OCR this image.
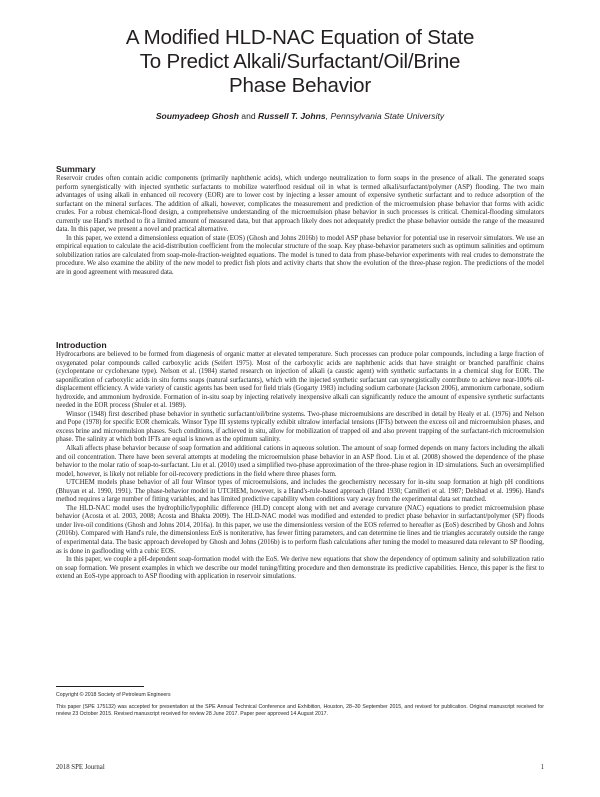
A Modified HLD-NAC Equation of State
To Predict Alkali/Surfactant/Oil/Brine
Phase Behavior
Soumyadeep Ghosh and Russell T. Johns, Pennsylvania State University
Summary

Reservoir crudes often contain acidic components (primarily naphthenic acids), which undergo neutralization to form soaps in the presence of alkali. The generated soaps perform synergistically with injected synthetic surfactants to mobilize waterflood residual oil in what is termed alkali/surfactant/polymer (ASP) flooding. The two main advantages of using alkali in enhanced oil recovery (EOR) are to lower cost by injecting a lesser amount of expensive synthetic surfactant and to reduce adsorption of the surfactant on the mineral surfaces. The addition of alkali, however, complicates the measurement and prediction of the microemulsion phase behavior that forms with acidic crudes. For a robust chemical-flood design, a comprehensive understanding of the microemulsion phase behavior in such processes is critical. Chemical-flooding simulators currently use Hand's method to fit a limited amount of measured data, but that approach likely does not adequately predict the phase behavior outside the range of the measured data. In this paper, we present a novel and practical alternative.

In this paper, we extend a dimensionless equation of state (EOS) (Ghosh and Johns 2016b) to model ASP phase behavior for potential use in reservoir simulators. We use an empirical equation to calculate the acid-distribution coefficient from the molecular structure of the soap. Key phase-behavior parameters such as optimum salinities and optimum solubilization ratios are calculated from soap-mole-fraction-weighted equations. The model is tuned to data from phase-behavior experiments with real crudes to demonstrate the procedure. We also examine the ability of the new model to predict fish plots and activity charts that show the evolution of the three-phase region. The predictions of the model are in good agreement with measured data.

Introduction

Hydrocarbons are believed to be formed from diagenesis of organic matter at elevated temperature. Such processes can produce polar compounds, including a large fraction of oxygenated polar compounds called carboxylic acids (Seifert 1975). Most of the carboxylic acids are naphthenic acids that have straight or branched paraffinic chains (cyclopentane or cyclohexane type). Nelson et al. (1984) started research on injection of alkali (a caustic agent) with synthetic surfactants in a chemical slug for EOR. The saponification of carboxylic acids in situ forms soaps (natural surfactants), which with the injected synthetic surfactant can synergistically contribute to achieve near-100% oil-displacement efficiency. A wide variety of caustic agents has been used for field trials (Gogarty 1983) including sodium carbonate (Jackson 2006), ammonium carbonate, sodium hydroxide, and ammonium hydroxide. Formation of in-situ soap by injecting relatively inexpensive alkali can significantly reduce the amount of expensive synthetic surfactants needed in the EOR process (Shuler et al. 1989).

Winsor (1948) first described phase behavior in synthetic surfactant/oil/brine systems. Two-phase microemulsions are described in detail by Healy et al. (1976) and Nelson and Pope (1978) for specific EOR chemicals. Winsor Type III systems typically exhibit ultralow interfacial tensions (IFTs) between the excess oil and microemulsion phases, and excess brine and microemulsion phases. Such conditions, if achieved in situ, allow for mobilization of trapped oil and also prevent trapping of the surfactant-rich microemulsion phase. The salinity at which both IFTs are equal is known as the optimum salinity.

Alkali affects phase behavior because of soap formation and additional cations in aqueous solution. The amount of soap formed depends on many factors including the alkali and oil concentration. There have been several attempts at modeling the microemulsion phase behavior in an ASP flood. Liu et al. (2008) showed the dependence of the phase behavior to the molar ratio of soap-to-surfactant. Liu et al. (2010) used a simplified two-phase approximation of the three-phase region in 1D simulations. Such an oversimplified model, however, is likely not reliable for oil-recovery predictions in the field where three phases form.

UTCHEM models phase behavior of all four Winsor types of microemulsions, and includes the geochemistry necessary for in-situ soap formation at high pH conditions (Bhuyan et al. 1990, 1991). The phase-behavior model in UTCHEM, however, is a Hand's-rule-based approach (Hand 1930; Camilleri et al. 1987; Delshad et al. 1996). Hand's method requires a large number of fitting variables, and has limited predictive capability when conditions vary away from the experimental data set matched.

The HLD-NAC model uses the hydrophilic/lypophilic difference (HLD) concept along with net and average curvature (NAC) equations to predict microemulsion phase behavior (Acosta et al. 2003, 2008; Acosta and Bhakta 2009). The HLD-NAC model was modified and extended to predict phase behavior in surfactant/polymer (SP) floods under live-oil conditions (Ghosh and Johns 2014, 2016a). In this paper, we use the dimensionless version of the EOS referred to hereafter as (EoS) described by Ghosh and Johns (2016b). Compared with Hand's rule, the dimensionless EoS is noniterative, has fewer fitting parameters, and can determine tie lines and tie triangles accurately outside the range of experimental data. The basic approach developed by Ghosh and Johns (2016b) is to perform flash calculations after tuning the model to measured data relevant to SP flooding, as is done in gasflooding with a cubic EOS.

In this paper, we couple a pH-dependent soap-formation model with the EoS. We derive new equations that show the dependency of optimum salinity and solubilization ratio on soap formation. We present examples in which we describe our model tuning/fitting procedure and then demonstrate its predictive capabilities. Hence, this paper is the first to extend an EoS-type approach to ASP flooding with application in reservoir simulations.

Copyright © 2018 Society of Petroleum Engineers
This paper (SPE 175132) was accepted for presentation at the SPE Annual Technical Conference and Exhibition, Houston, 28–30 September 2015, and revised for publication. Original manuscript received for review 23 October 2015. Revised manuscript received for review 28 June 2017. Paper peer approved 14 August 2017.
2018 SPE Journal	1
